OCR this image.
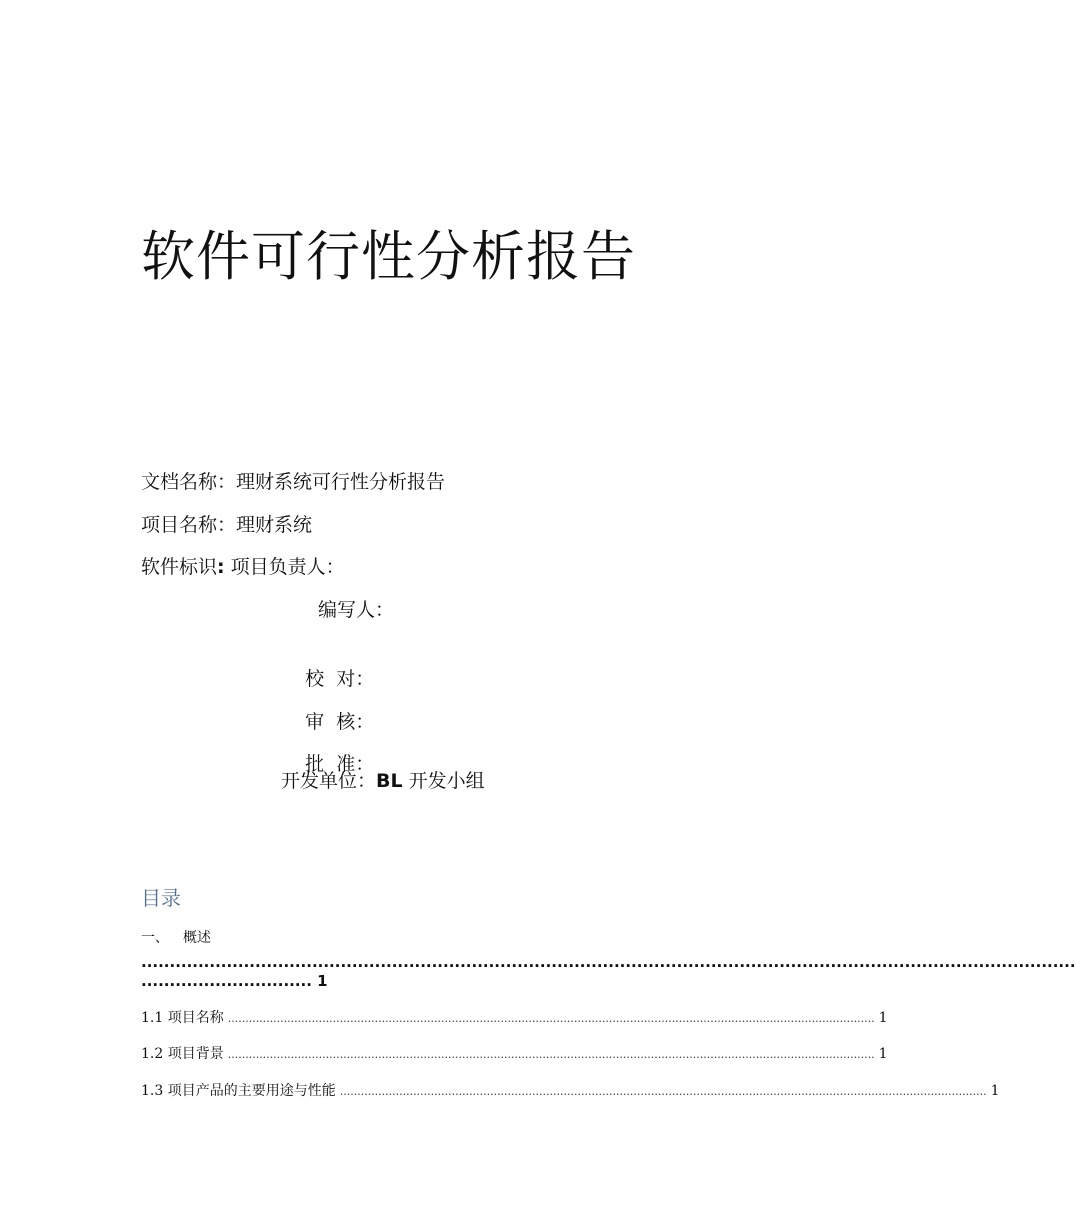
软件可行性分析报告
文档名称：理财系统可行性分析报告
项目名称：理财系统
软件标识: 项目负责人：
编写人：

校  对：

审  核：

批  准：

开发单位：BL 开发小组
目录
一、 概述
....................................................................................................................................................................
.............................. 1
1.1 项目名称 ......................................................................................................................................................................................... 1
1.2 项目背景 ......................................................................................................................................................................................... 1
1.3 项目产品的主要用途与性能 ......................................................................................................................................................................................... 1
